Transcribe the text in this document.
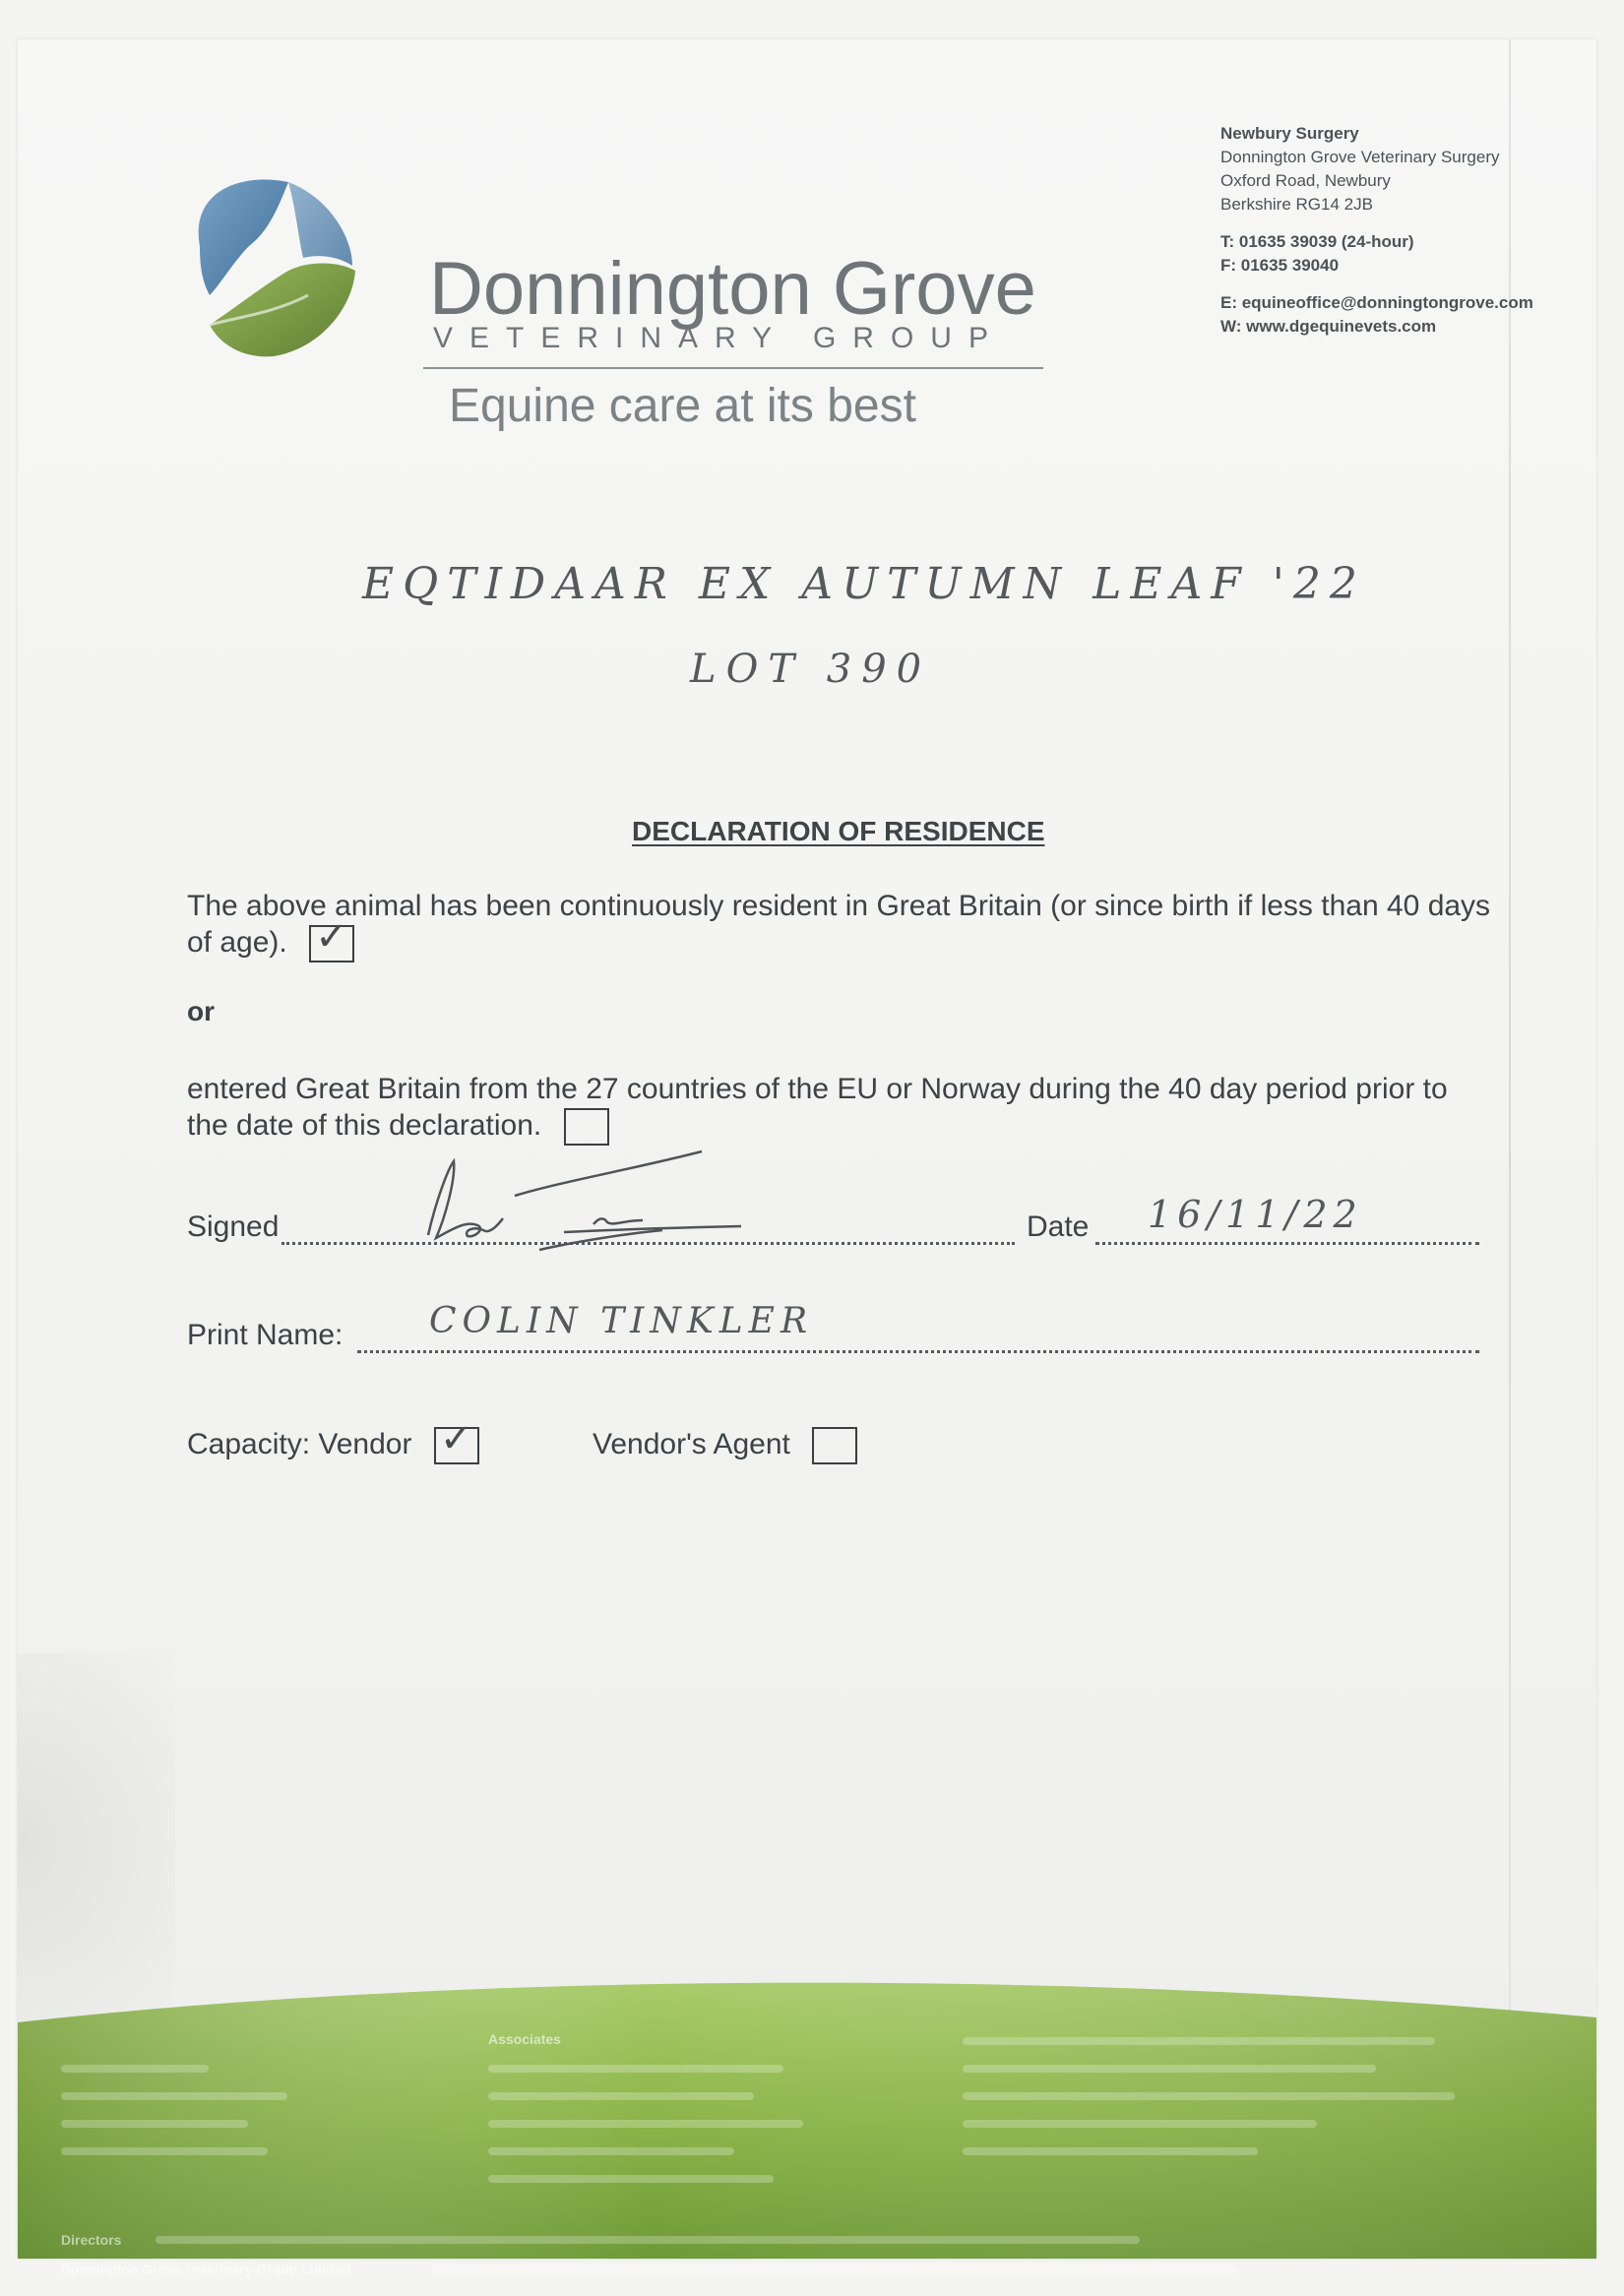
Donnington Grove
VETERINARY GROUP
Equine care at its best
Newbury Surgery
Donnington Grove Veterinary Surgery
Oxford Road, Newbury
Berkshire RG14 2JB
T: 01635 39039 (24-hour)
F: 01635 39040
E: equineoffice@donningtongrove.com
W: www.dgequinevets.com
EQTIDAAR EX AUTUMN LEAF '22
LOT 390
DECLARATION OF RESIDENCE
The above animal has been continuously resident in Great Britain (or since birth if less than 40 days of age). ✓
or
entered Great Britain from the 27 countries of the EU or Norway during the 40 day period prior to the date of this declaration.
Signed	Date 16/11/22
Print Name: COLIN TINKLER
Capacity: Vendor ✓	Vendor's Agent
Associates
Directors
Donnington Grove Veterinary Group Limited
